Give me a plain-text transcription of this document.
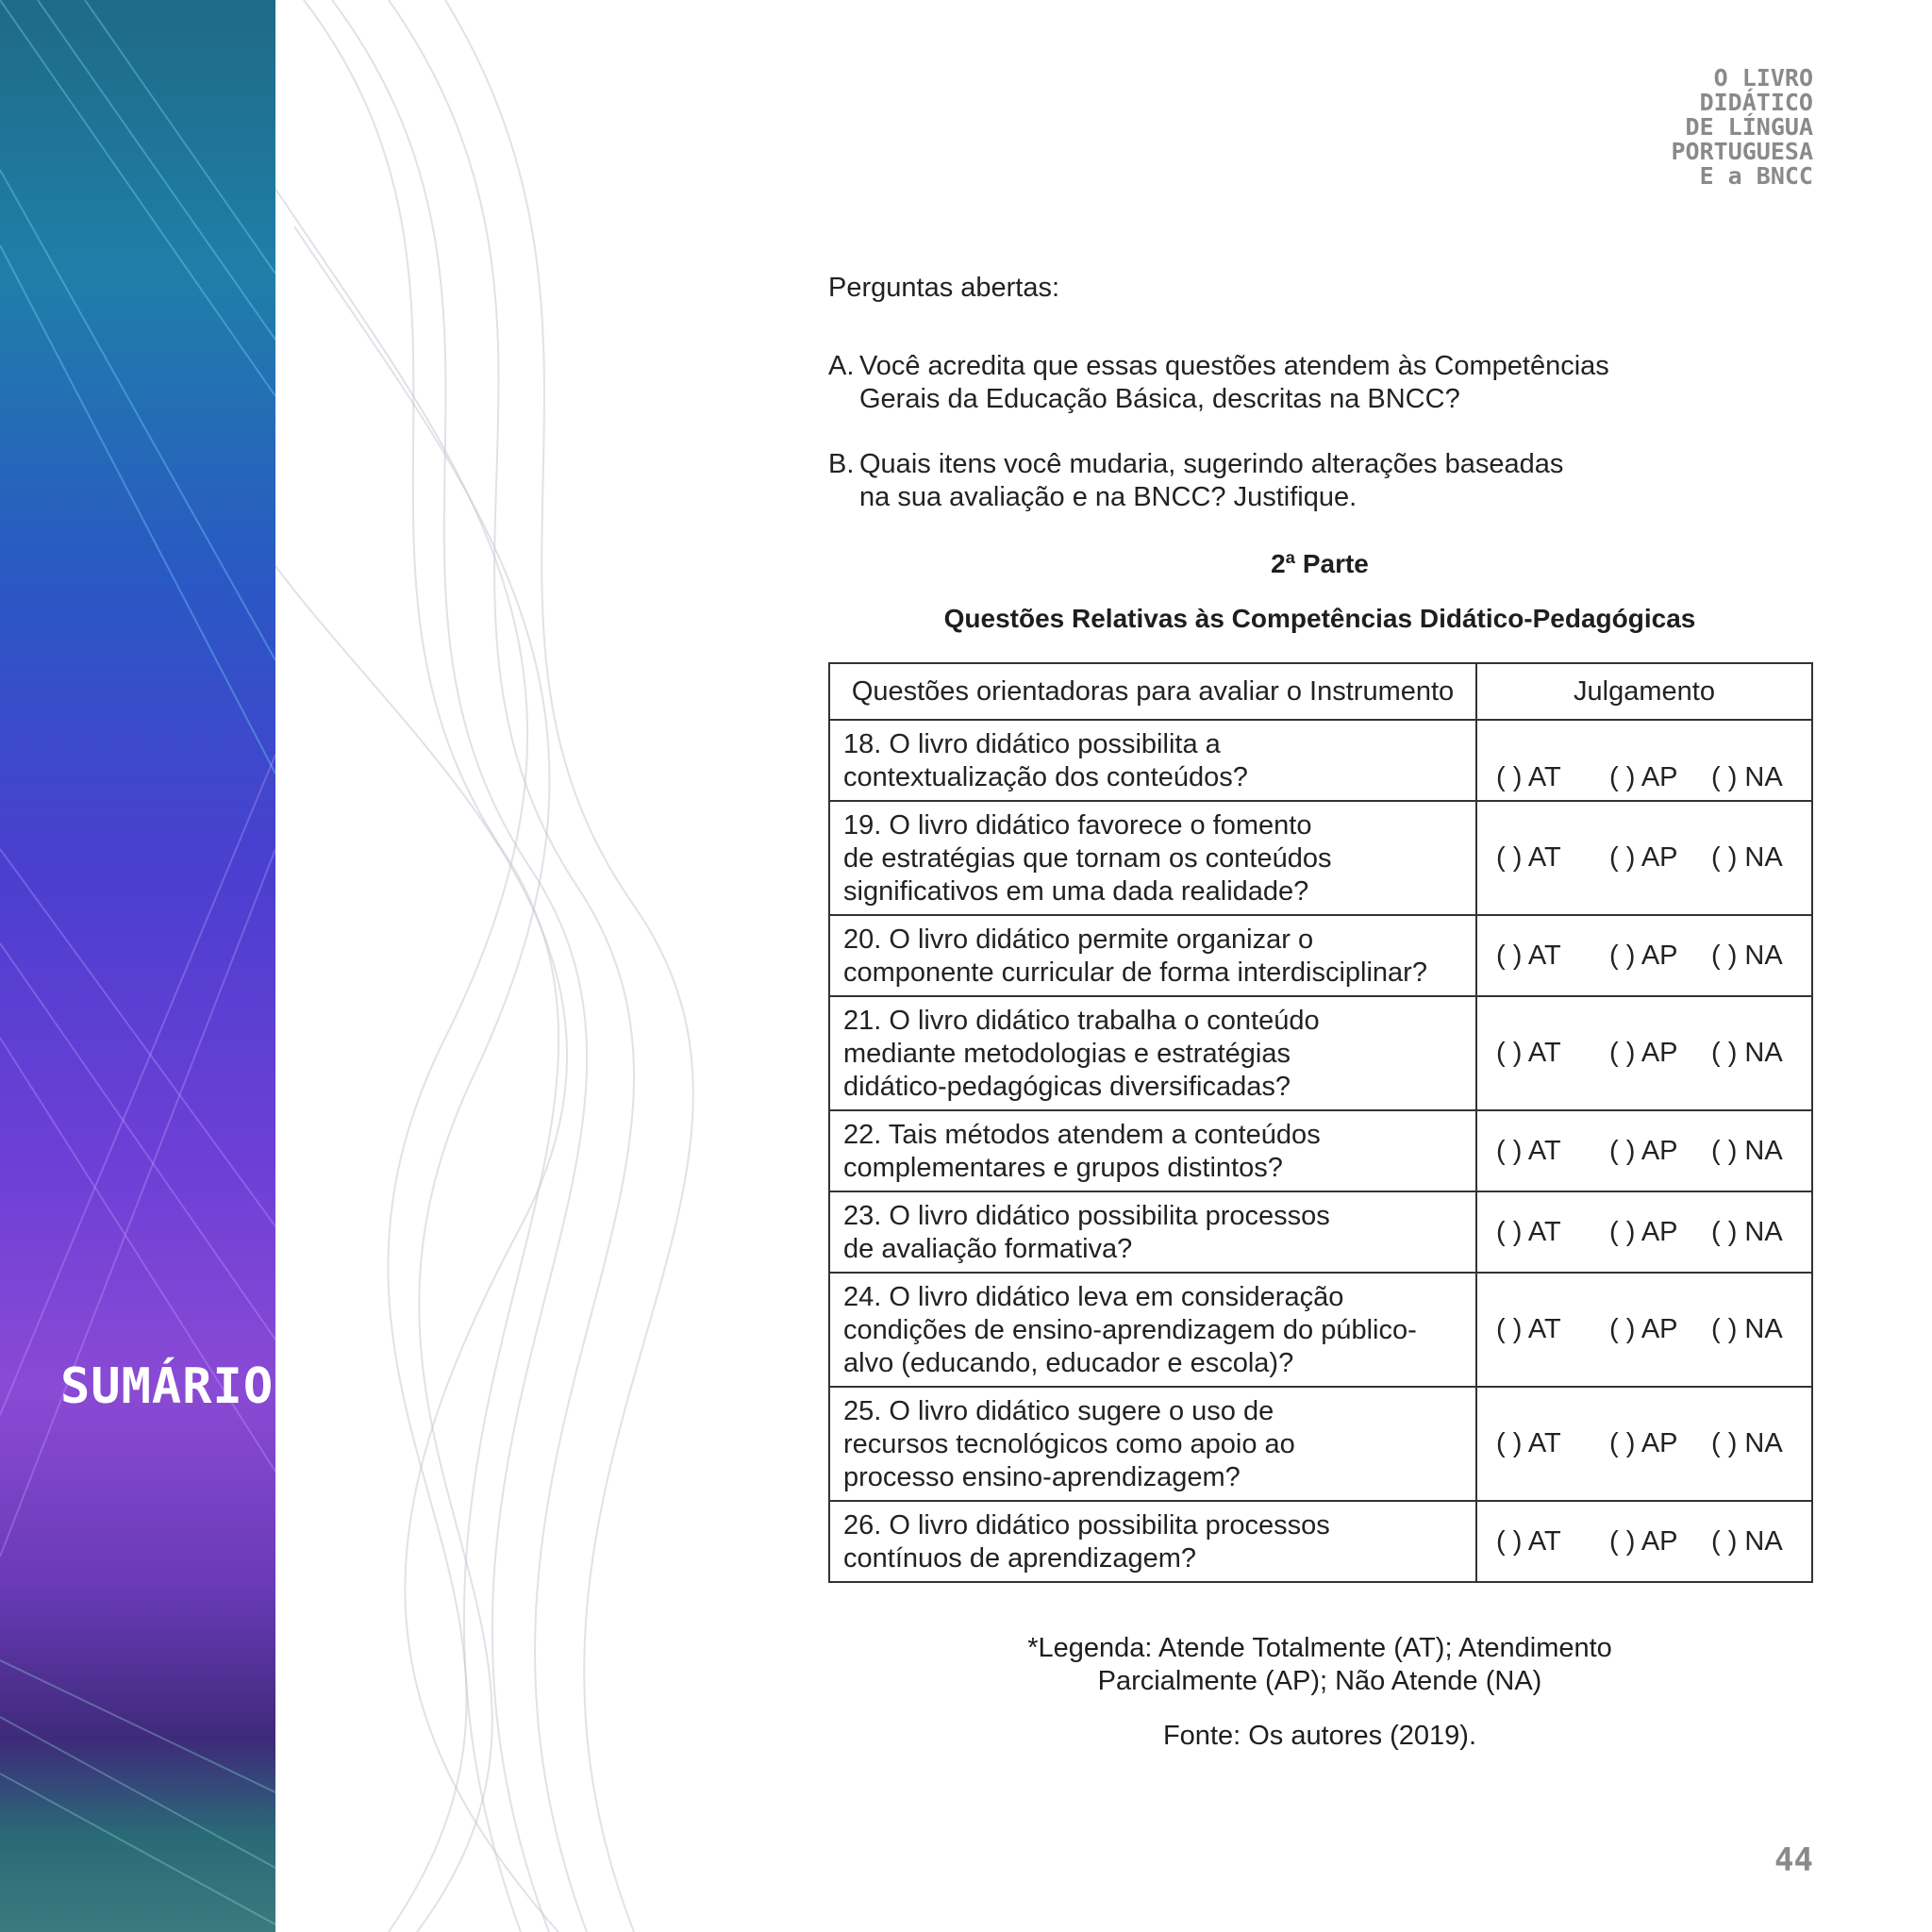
SUMÁRIO
O LIVRO
DIDÁTICO
DE LÍNGUA
PORTUGUESA
E a BNCC
Perguntas abertas:
A. Você acredita que essas questões atendem às Competências
Gerais da Educação Básica, descritas na BNCC?
B. Quais itens você mudaria, sugerindo alterações baseadas
na sua avaliação e na BNCC? Justifique.
2ª Parte
Questões Relativas às Competências Didático-Pedagógicas
Questões orientadoras para avaliar o Instrumento	Julgamento

18. O livro didático possibilita a
contextualização dos conteúdos?	( ) AT ( ) AP ( ) NA

19. O livro didático favorece o fomento
de estratégias que tornam os conteúdos
significativos em uma dada realidade?	( ) AT ( ) AP ( ) NA

20. O livro didático permite organizar o
componente curricular de forma interdisciplinar?	( ) AT ( ) AP ( ) NA

21. O livro didático trabalha o conteúdo
mediante metodologias e estratégias
didático-pedagógicas diversificadas?	( ) AT ( ) AP ( ) NA

22. Tais métodos atendem a conteúdos
complementares e grupos distintos?	( ) AT ( ) AP ( ) NA

23. O livro didático possibilita processos
de avaliação formativa?	( ) AT ( ) AP ( ) NA

24. O livro didático leva em consideração
condições de ensino-aprendizagem do público-
alvo (educando, educador e escola)?	( ) AT ( ) AP ( ) NA

25. O livro didático sugere o uso de
recursos tecnológicos como apoio ao
processo ensino-aprendizagem?	( ) AT ( ) AP ( ) NA

26. O livro didático possibilita processos
contínuos de aprendizagem?	( ) AT ( ) AP ( ) NA
*Legenda: Atende Totalmente (AT); Atendimento
Parcialmente (AP); Não Atende (NA)
Fonte: Os autores (2019).
44
